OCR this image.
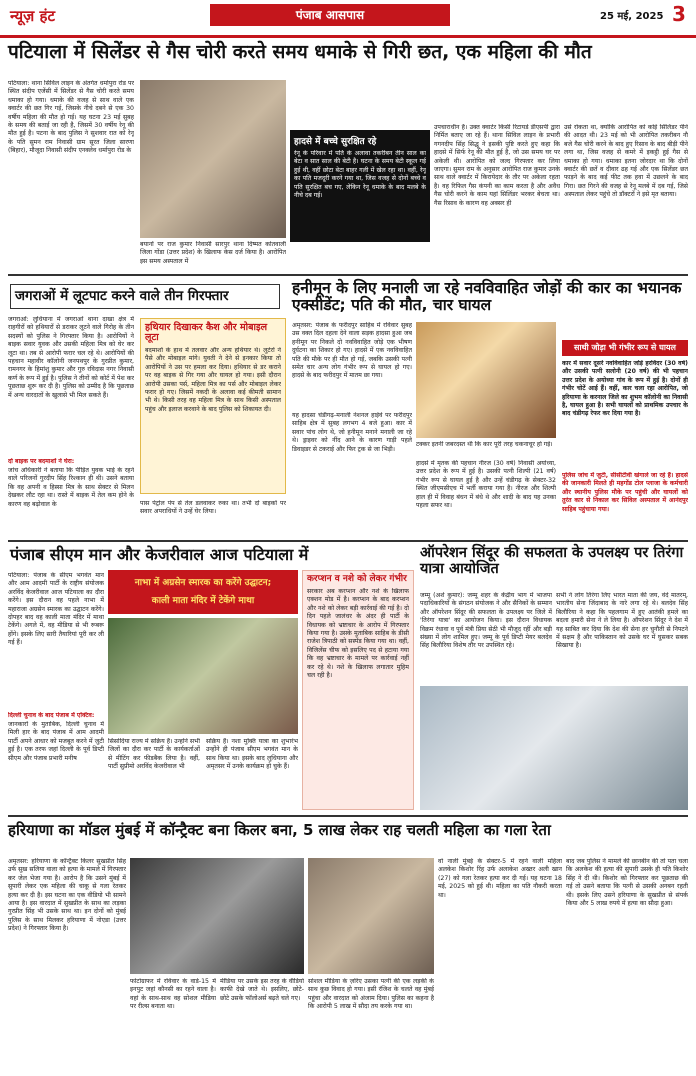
न्यूज़ हंट	पंजाब आसपास	25 मई, 2025 3
पटियाला में सिलेंडर से गैस चोरी करते समय धमाके से गिरी छत, एक महिला की मौत
पटियाला: थाना सिविल लाइन के अंतर्गत धर्मापुरा रोड पर स्थित संदीप एजेंसी में सिलेंडर से गैस चोरी करते समय धमाका हो गया। धमाके की वजह से साथ वाले एक क्वार्टर की छत गिर गई, जिसके नीचे दबने से एक 30 वर्षीय महिला की मौत हो गई। यह घटना 23 मई सुबह के समय की बताई जा रही है, जिसमें 30 वर्षीय रेनू की मौत हुई है। पटना के बाद पुलिस ने सुशवार रात को रेनू के पति सुमन राम निवासी ग्राम सूरत जिला सारणा (बिहार), मौजूदा निवासी संदीप एनक्लेव धर्मापुरा रोड के
बयानों पर राज कुमार निवासी सारपुर थाना दिष्मत कोतवाली जिला गोंडा (उत्तर प्रदेश) के खिलाफ केस दर्ज किया है। आरोपित इस समय अस्पताल में
हादसे में बच्चे सुरक्षित रहे
रेनू के परिवार में पति के अलावा तकरीबन तीन साल का बेटा व सात साल की बेटी है। घटना के समय बेटी स्कूल गई हुई थी, वहीं छोटा बेटा बाहर गली में खेल रहा था। वहीं, रेनू का पति मजदूरी करने गया था, जिस वजह से दोनों बच्चे व पति सुरक्षित बच गए, लेकिन रेनू धमाके के बाद मलबे के नीचे दब गई।
उपचाराधीन है। उक्त क्वार्टर किसी रिटायर्ड डीएसपी द्वारा निर्मित बताए जा रहे हैं। थाना सिविल लाइन के प्रभारी गगनदीप सिंह सिद्धू ने इसकी पुष्टि करते हुए कहा कि हादसे में सिर्फ रेनू की मौत हुई है, जो उस समय घर पर अकेली थी। आरोपित को जल्द गिरफ्तार कर लिया जाएगा। सुमन राम के अनुसार आरोपित राज कुमार उनके साथ वाले क्वार्टर में किरायेदार के तौर पर अकेला रहता है। वह रिफिल गैस कंपनी का काम करता है और अवैध गैस चोरी करने के काम यहां सिलिंडर भरकर बेचता था। गैस रिसाव के कारण वह अक्सर ही
उसे रोकता था, क्योंकि आरोपित को कोई सिलिंडर पीने की आदत थी। 23 मई को भी आरोपित तकरीबन नौ बजे गैस चोरी करने के बाद हुए रिसाव के बाद बीड़ी पीने लगा था, जिस वजह से कमरे में इकट्ठी हुई गैस से धमाका हो गया। धमाका इतना जोरदार था कि दोनों क्वार्टर की छतें व दीवार ढह गई और एक सिलेंडर छत फाड़ने के बाद कई फीट तक हवा में उछलने के बाद गिरा। छत गिरने की वजह से रेनू मलबे में दब गई, जिसे अस्पताल लेकर पहुंचे तो डॉक्टरों ने इसे मृत बताया।
जगराओं में लूटपाट करने वाले तीन गिरफ्तार
जगराओं: लुधियाना में जगराओं थाना दाखा क्षेत्र में राहगीरों को हथियारों से डराकर लूटने वाले गिरोह के तीन सदस्यों को पुलिस ने गिरफ्तार किया है। आरोपियों ने बाइक सवार युवक और उसकी महिला मित्र को घेर कर लूटा था। तब से आरोपी फरार चल रहे थे। आरोपियों की पहचान महावीर कॉलोनी जनपथपुर के गुरप्रीत कुमार, रामनगर के हिमांशु कुमार और गुरु रविदास नगर निवासी कर्ण के रूप में हुई है। पुलिस ने तीनों को कोर्ट में पेश कर पूछताछ शुरू कर दी है। पुलिस को उम्मीद है कि पूछताछ में अन्य वारदातों के खुलासे भी मिल सकते हैं।
दो बाइक पर बदमाशों ने घेरा:
जांच अधिकारी ने बताया कि पीड़ित युवक भाई के रहने वाले परिजनों गुरदीप सिंह रिश्कान ही थी। उसने बताया कि वह अपनी व हिस्सा मित्र के साथ सेक्टर से मिलन देखकर लौट रहा था। रास्ते में बाइक में तेल कम होने के कारण वह बढ़ोवाल के
हथियार दिखाकर कैश और मोबाइल लूटा
बदमाशों के हाथ में तलवार और अन्य हथियार थे। लुटेरों ने पैसे और मोबाइल मांगे। युवती ने देने से इनकार किया तो आरोपियों ने उस पर हमला कर दिया। हथियार से डर कराने पर वह बाइक से गिर गया और घायल हो गया। इसी दौरान आरोपी उसका पर्स, महिला मित्र का पर्स और मोबाइल लेकर फरार हो गए। जिसमें नकदी के अलावा कई कीमती सामान भी थे। किसी तरह वह महिला मित्र के साथ किसी अस्पताल पहुंच और इलाज करवाने के बाद पुलिस को शिकायत दी।
पास पेट्रोल पंप से तेल डलवाकर रुका था। तभी दो बाइकों पर सवार अपराधियों ने उन्हें घेर लिया।
हनीमून के लिए मनाली जा रहे नवविवाहित जोड़ों की कार का भयानक एक्सीडेंट; पति की मौत, चार घायल
अमृतसर: पंजाब के फरीदपुर साहिब में रविवार सुबह उस वक्त दिल दहला देने वाला सड़क हादसा हुआ जब हनीमून पर निकले दो नवविवाहित जोड़े एक भीषण दुर्घटना का शिकार हो गए। हादसे में एक नवविवाहित पति की मौके पर ही मौत हो गई, जबकि उसकी पत्नी समेत चार अन्य लोग गंभीर रूप से घायल हो गए। हादसे के बाद फरीदपुर में मातम छा गया।
यह हादसा चंडीगढ़-मनाली नेशनल हाईवे पर फरीदपुर साहिब क्षेत्र में सुबह लगभग 4 बजे हुआ। कार में सवार पांच लोग थे, जो हनीमून मनाने मनाली जा रहे थे। ड्राइवर को नींद आने के कारण गाड़ी पहले डिवाइडर से टकराई और फिर ट्रक से जा भिड़ी।
टक्कर इतनी जबरदस्त थी कि कार पूरी तरह चकनाचूर हो गई।
हादसे में मृतक की पहचान नीरज (30 वर्ष) निवासी अयोध्या, उत्तर प्रदेश के रूप में हुई है। उसकी पत्नी शिल्पी (21 वर्ष) गंभीर रूप से घायल हुई है और उन्हें चंडीगढ़ के सेक्टर-32 स्थित जीएमसीएच में भर्ती कराया गया है। नीरज और शिल्पी हाल ही में विवाह बंधन में बंधे थे और शादी के बाद यह उनका पहला सफर था।
साथी जोड़ा भी गंभीर रूप से घायल
कार में सवार दूसरे नवविवाहित जोड़े हरविंदर (30 वर्ष) और उसकी पत्नी सलोनी (20 वर्ष) की भी पहचान उत्तर प्रदेश के अयोध्या गांव के रूप में हुई है। दोनों ही गंभीर चोटें आई हैं। वहीं, कार चला रहा आरोपित, जो हरियाणा के करनाल जिले का शुभम कॉलोनी का निवासी है, घायल हुआ है। सभी घायलों को प्राथमिक उपचार के बाद चंडीगढ़ रेफर कर दिया गया है।
पुलिस जांच में जुटी, सीसीटीवी खंगाले जा रहे हैं। हादसे की जानकारी मिलते ही महगोंड टोल प्लाजा के कर्मचारी और स्थानीय पुलिस मौके पर पहुंची और घायलों को तुरंत कार से निकाल कर सिविल अस्पताल में आनंदपुर साहिब पहुंचाया गया।
पंजाब सीएम मान और केजरीवाल आज पटियाला में
पटियाला: पंजाब के सीएम भगवंत मान और आम आदमी पार्टी के राष्ट्रीय संयोजक अरविंद केजरीवाल आज पटियाला का दौरा करेंगे। इस दौरान वह पहले नाभा में महाराजा अग्रसेन स्मारक का उद्घाटन करेंगे। दोपहर बाद वह काली माता मंदिर में माथा टेकेंगे। अगले में, वह मीडिया से भी रूबरू होंगे। इसके लिए सारी तैयारियां पूरी कर ली गई हैं।
दिल्ली चुनाव के बाद पंजाब में एक्टिव:
जानकारों के मुताबिक, दिल्ली चुनाव में मिली हार के बाद पंजाब में आम आदमी पार्टी अपने आधार को मजबूत करने में जुटी हुई है। एक तरफ जहां दिल्ली के पूर्व डिप्टी सीएम और पंजाब प्रभारी मनीष
नाभा में अग्रसेन स्मारक का करेंगे उद्घाटन;
काली माता मंदिर में टेकेंगे माथा
सिसोदिया राज्य में सक्रिय हैं। उन्होंने सभी जिलों का दौरा कर पार्टी के कार्यकर्ताओं से मीटिंग कर फीडबैक लिया है। वहीं, पार्टी सुप्रीमो अरविंद केजरीवाल भी
सक्रिय हैं। नशा मुक्ति यात्रा का शुभारंभ उन्होंने ही पंजाब सीएम भगवंत मान के साथ किया था। इसके बाद लुधियाना और अमृतसर में उनके कार्यक्रम हो चुके हैं।
करप्शन व नशे को लेकर गंभीर
सरकार अब करप्शन और नशे के खिलाफ एक्शन मोड में है। करप्शन के बाद करप्शन और नशे को लेकर बड़ी कार्रवाई की गई है। दो दिन पहले जालंधर के अंदर ही पार्टी के विधायक को भ्रष्टाचार के आरोप में गिरफ्तार किया गया है। उसके मुताबिक साहिब के डीसी राजेश त्रिपाठी को सस्पेंड किया गया था। वहीं, विजिलेंस चीफ को इसलिए पद से हटाया गया कि वह भ्रष्टाचार के मामले पर कार्रवाई नहीं कर रहे थे। नशे के खिलाफ लगातार मुहिम चल रही है।
ऑपरेशन सिंदूर की सफलता के उपलक्ष्य पर तिरंगा यात्रा आयोजित
जम्मू (अर्श कुमार): जम्मू शहर के केंद्रीय भाग में भाजपा पदाधिकारियों के संगठन संयोजक ने और सैनिकों के सम्मान और ऑपरेशन सिंदूर की सफलता के उपलक्ष्य पर जिले में 'तिरंगा यात्रा' का आयोजन किया। इस दौरान विधायक विक्रम रंधावा व पूर्व मंत्री प्रिया सेठी भी मौजूद रहीं और बड़ी संख्या में लोग शामिल हुए। जम्मू के पूर्व डिप्टी मेयर बलदेव सिंह बिलौरिया विशेष तौर पर उपस्थित रहे।
सभी ने लोग तिरंगा लिए भारत माता की जय, वंदे मातरम्, भारतीय सेना जिंदाबाद के नारे लगा रहे थे। बलदेव सिंह बिलौरिया ने कहा कि पहलगाम में हुए आतंकी हमले का बदला हमारी सेना ने ले लिया है। ऑपरेशन सिंदूर ने देश में यह साबित कर दिया कि देश की सेना हर चुनौती से निपटने में सक्षम है और पाकिस्तान को उसके घर में घुसकर सबक सिखाया है।
हरियाणा का मॉडल मुंबई में कॉन्ट्रैक्ट बना किलर बना, 5 लाख लेकर राह चलती महिला का गला रेता
अमृतसर: हरियाणा के कॉन्ट्रैक्ट किलर सुखप्रीत सिंह उर्फ सुख सलिया वाला को हत्या के मामले में गिरफ्तार कर जेल भेजा गया है। आरोप है कि उसने मुंबई में सुपारी लेकर एक महिला की चाकू से गला रेतकर हत्या कर दी है। इस घटना का एक वीडियो भी सामने आया है। इस वारदात में सुखप्रीत के साथ का लड़का गुरप्रीत सिंह भी उसके साथ था। इन दोनों को मुंबई पुलिस के साथ मिलकर हरियाणा में नोएडा (उत्तर प्रदेश) ने गिरफ्तार किया है।
फोटोग्राफर में रविवार के वार्ड-15 में इनपुट जहां कौनसी का रहने वाला है। वहां के साथ-साथ वह सोशल मीडिया पर रील्स बनाता था।
मीडिया पर उसके इस तरह के वीडियो काफी देखे जाते थे। इसलिए, छोटे-छोटे उसके फॉलोअर्स बढ़ते चले गए।
सोशल मीडिया के ज़रिए उसका पत्नी की एक लड़की के साथ कुछ विवाद हो गया। इसी रंजिश के चलते वह मुंबई पहुंचा और वारदात को अंजाम दिया। पुलिस का कहना है कि आरोपी 5 लाख में सौदा तय करके गया था।
वो नाली मुंबई के सेक्टर-5 में रहने वाली महिला अलकेश किशोर रिंह उर्फ अलाकेश अख्तर अली खान (27) को गला रेतकर हत्या कर दी गई। यह घटना 18 मई, 2025 को हुई थी। महिला का पति नौकरी करता था।
बाद जब पुलिस ने मामले की छानबीन की तो पता चला कि अलकेश की हत्या की सुपारी उसके ही पति किशोर सिंह ने दी थी। किशोर को गिरफ्तार कर पूछताछ की गई तो उसने बताया कि पत्नी से उसकी अनबन रहती थी। इसके लिए उसने हरियाणा के सुखप्रीत से संपर्क किया और 5 लाख रुपये में हत्या का सौदा हुआ।
